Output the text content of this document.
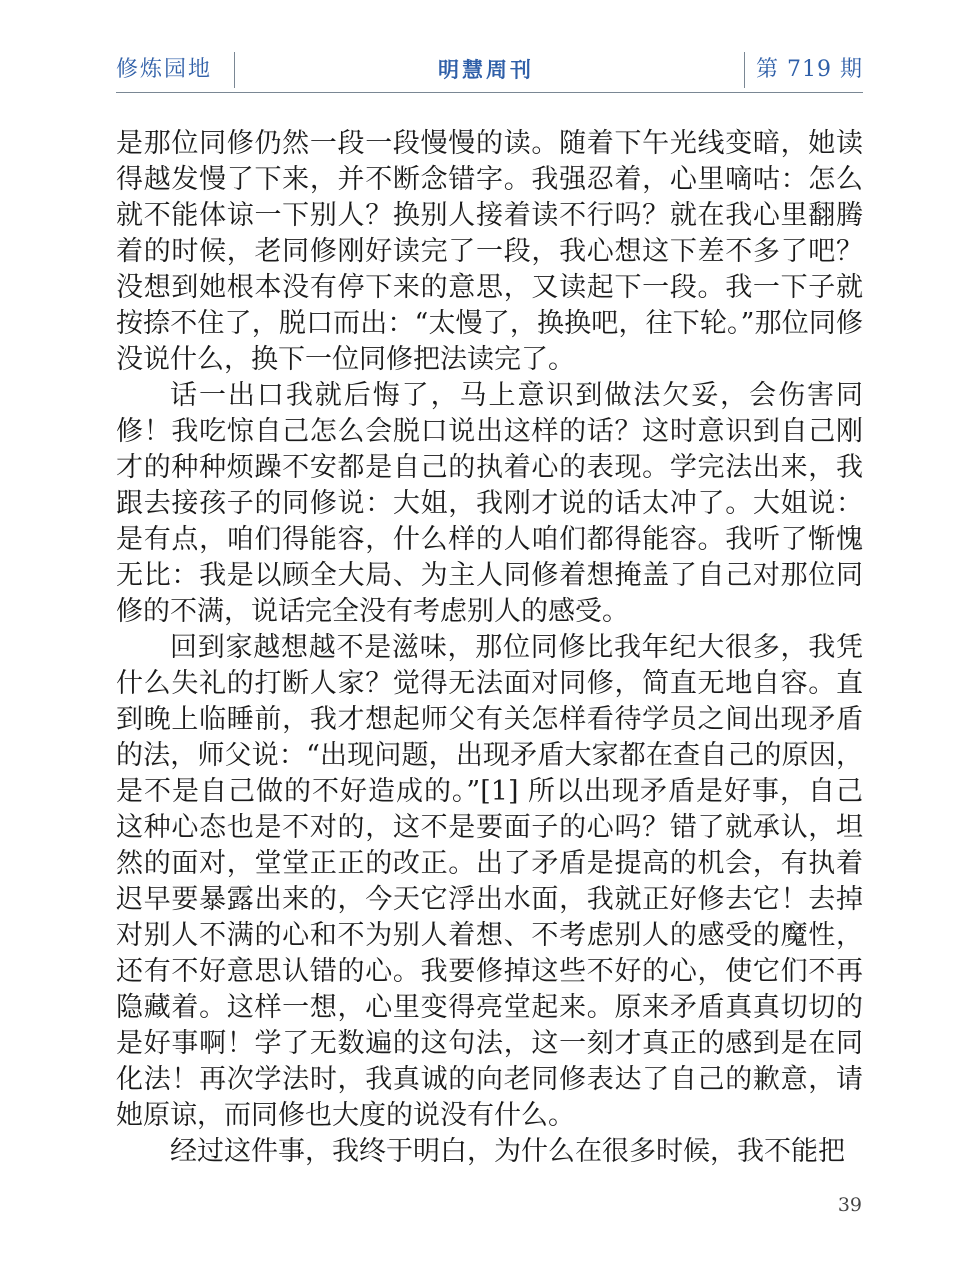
修炼园地	明慧周刊	第 719 期

是那位同修仍然一段一段慢慢的读。随着下午光线变暗，她读得越发慢了下来，并不断念错字。我强忍着，心里嘀咕：怎么就不能体谅一下别人？换别人接着读不行吗？就在我心里翻腾着的时候，老同修刚好读完了一段，我心想这下差不多了吧？没想到她根本没有停下来的意思，又读起下一段。我一下子就按捺不住了，脱口而出：“太慢了，换换吧，往下轮。”那位同修没说什么，换下一位同修把法读完了。

话一出口我就后悔了，马上意识到做法欠妥，会伤害同修！我吃惊自己怎么会脱口说出这样的话？这时意识到自己刚才的种种烦躁不安都是自己的执着心的表现。学完法出来，我跟去接孩子的同修说：大姐，我刚才说的话太冲了。大姐说：是有点，咱们得能容，什么样的人咱们都得能容。我听了惭愧无比：我是以顾全大局、为主人同修着想掩盖了自己对那位同修的不满，说话完全没有考虑别人的感受。

回到家越想越不是滋味，那位同修比我年纪大很多，我凭什么失礼的打断人家？觉得无法面对同修，简直无地自容。直到晚上临睡前，我才想起师父有关怎样看待学员之间出现矛盾的法，师父说：“出现问题，出现矛盾大家都在查自己的原因，是不是自己做的不好造成的。”[1] 所以出现矛盾是好事，自己这种心态也是不对的，这不是要面子的心吗？错了就承认，坦然的面对，堂堂正正的改正。出了矛盾是提高的机会，有执着迟早要暴露出来的，今天它浮出水面，我就正好修去它！去掉对别人不满的心和不为别人着想、不考虑别人的感受的魔性，还有不好意思认错的心。我要修掉这些不好的心，使它们不再隐藏着。这样一想，心里变得亮堂起来。原来矛盾真真切切的是好事啊！学了无数遍的这句法，这一刻才真正的感到是在同化法！再次学法时，我真诚的向老同修表达了自己的歉意，请她原谅，而同修也大度的说没有什么。

经过这件事，我终于明白，为什么在很多时候，我不能把

39
